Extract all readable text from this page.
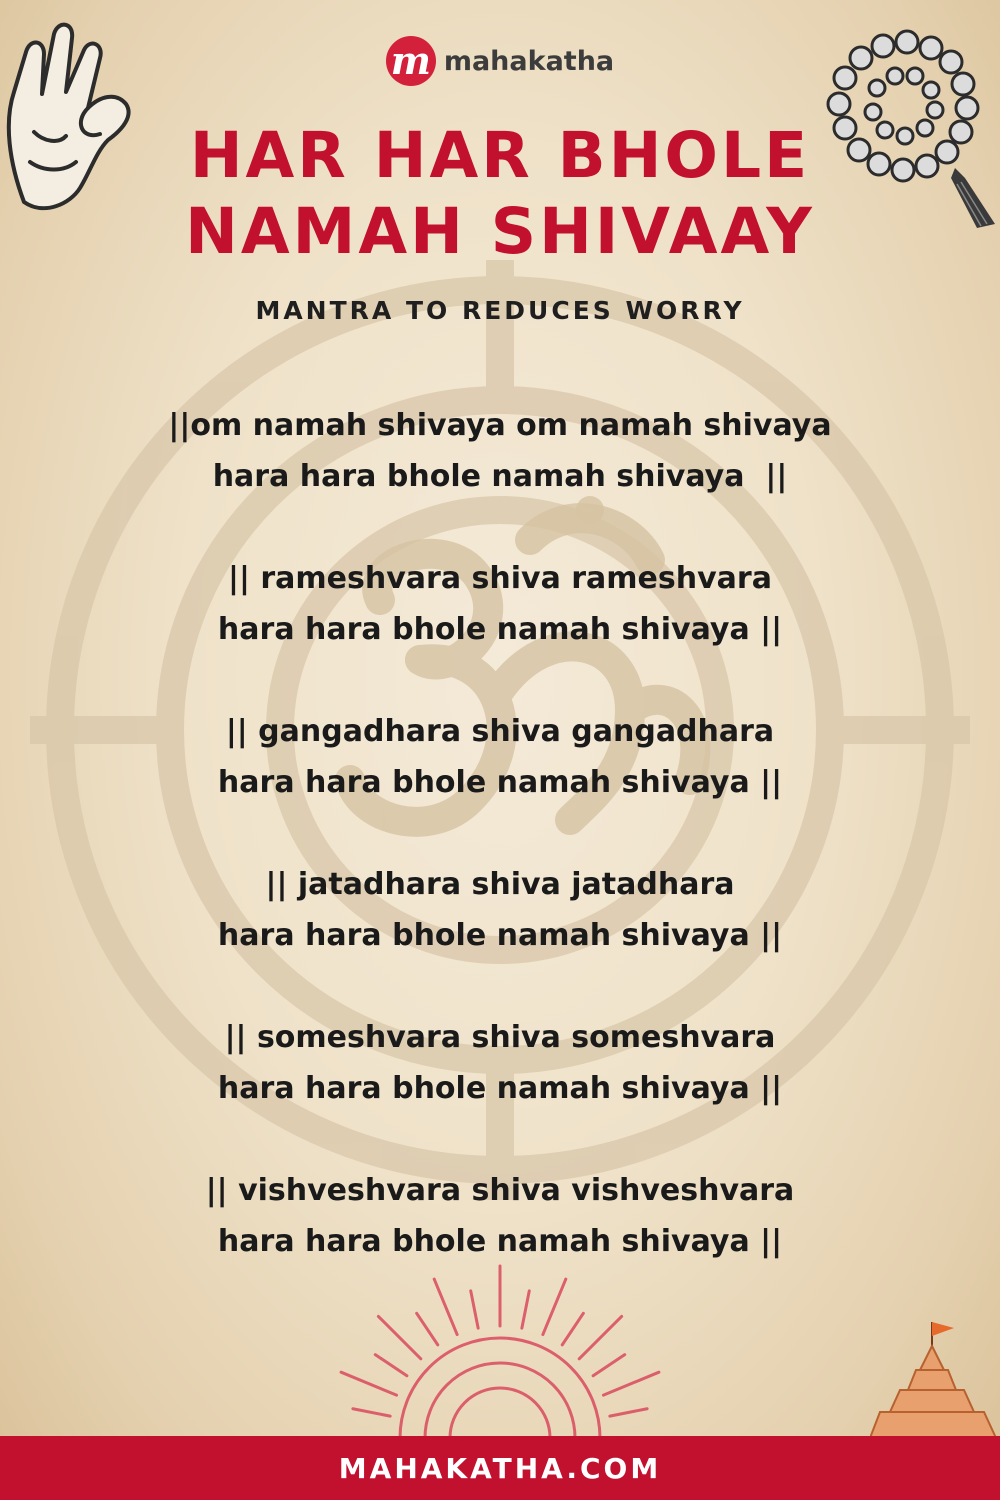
m mahakatha
HAR HAR BHOLE
NAMAH SHIVAAY
MANTRA TO REDUCES WORRY
||om namah shivaya om namah shivaya
hara hara bhole namah shivaya  ||
|| rameshvara shiva rameshvara
hara hara bhole namah shivaya ||
|| gangadhara shiva gangadhara
hara hara bhole namah shivaya ||
|| jatadhara shiva jatadhara
hara hara bhole namah shivaya ||
|| someshvara shiva someshvara
hara hara bhole namah shivaya ||
|| vishveshvara shiva vishveshvara
hara hara bhole namah shivaya ||
MAHAKATHA.COM
